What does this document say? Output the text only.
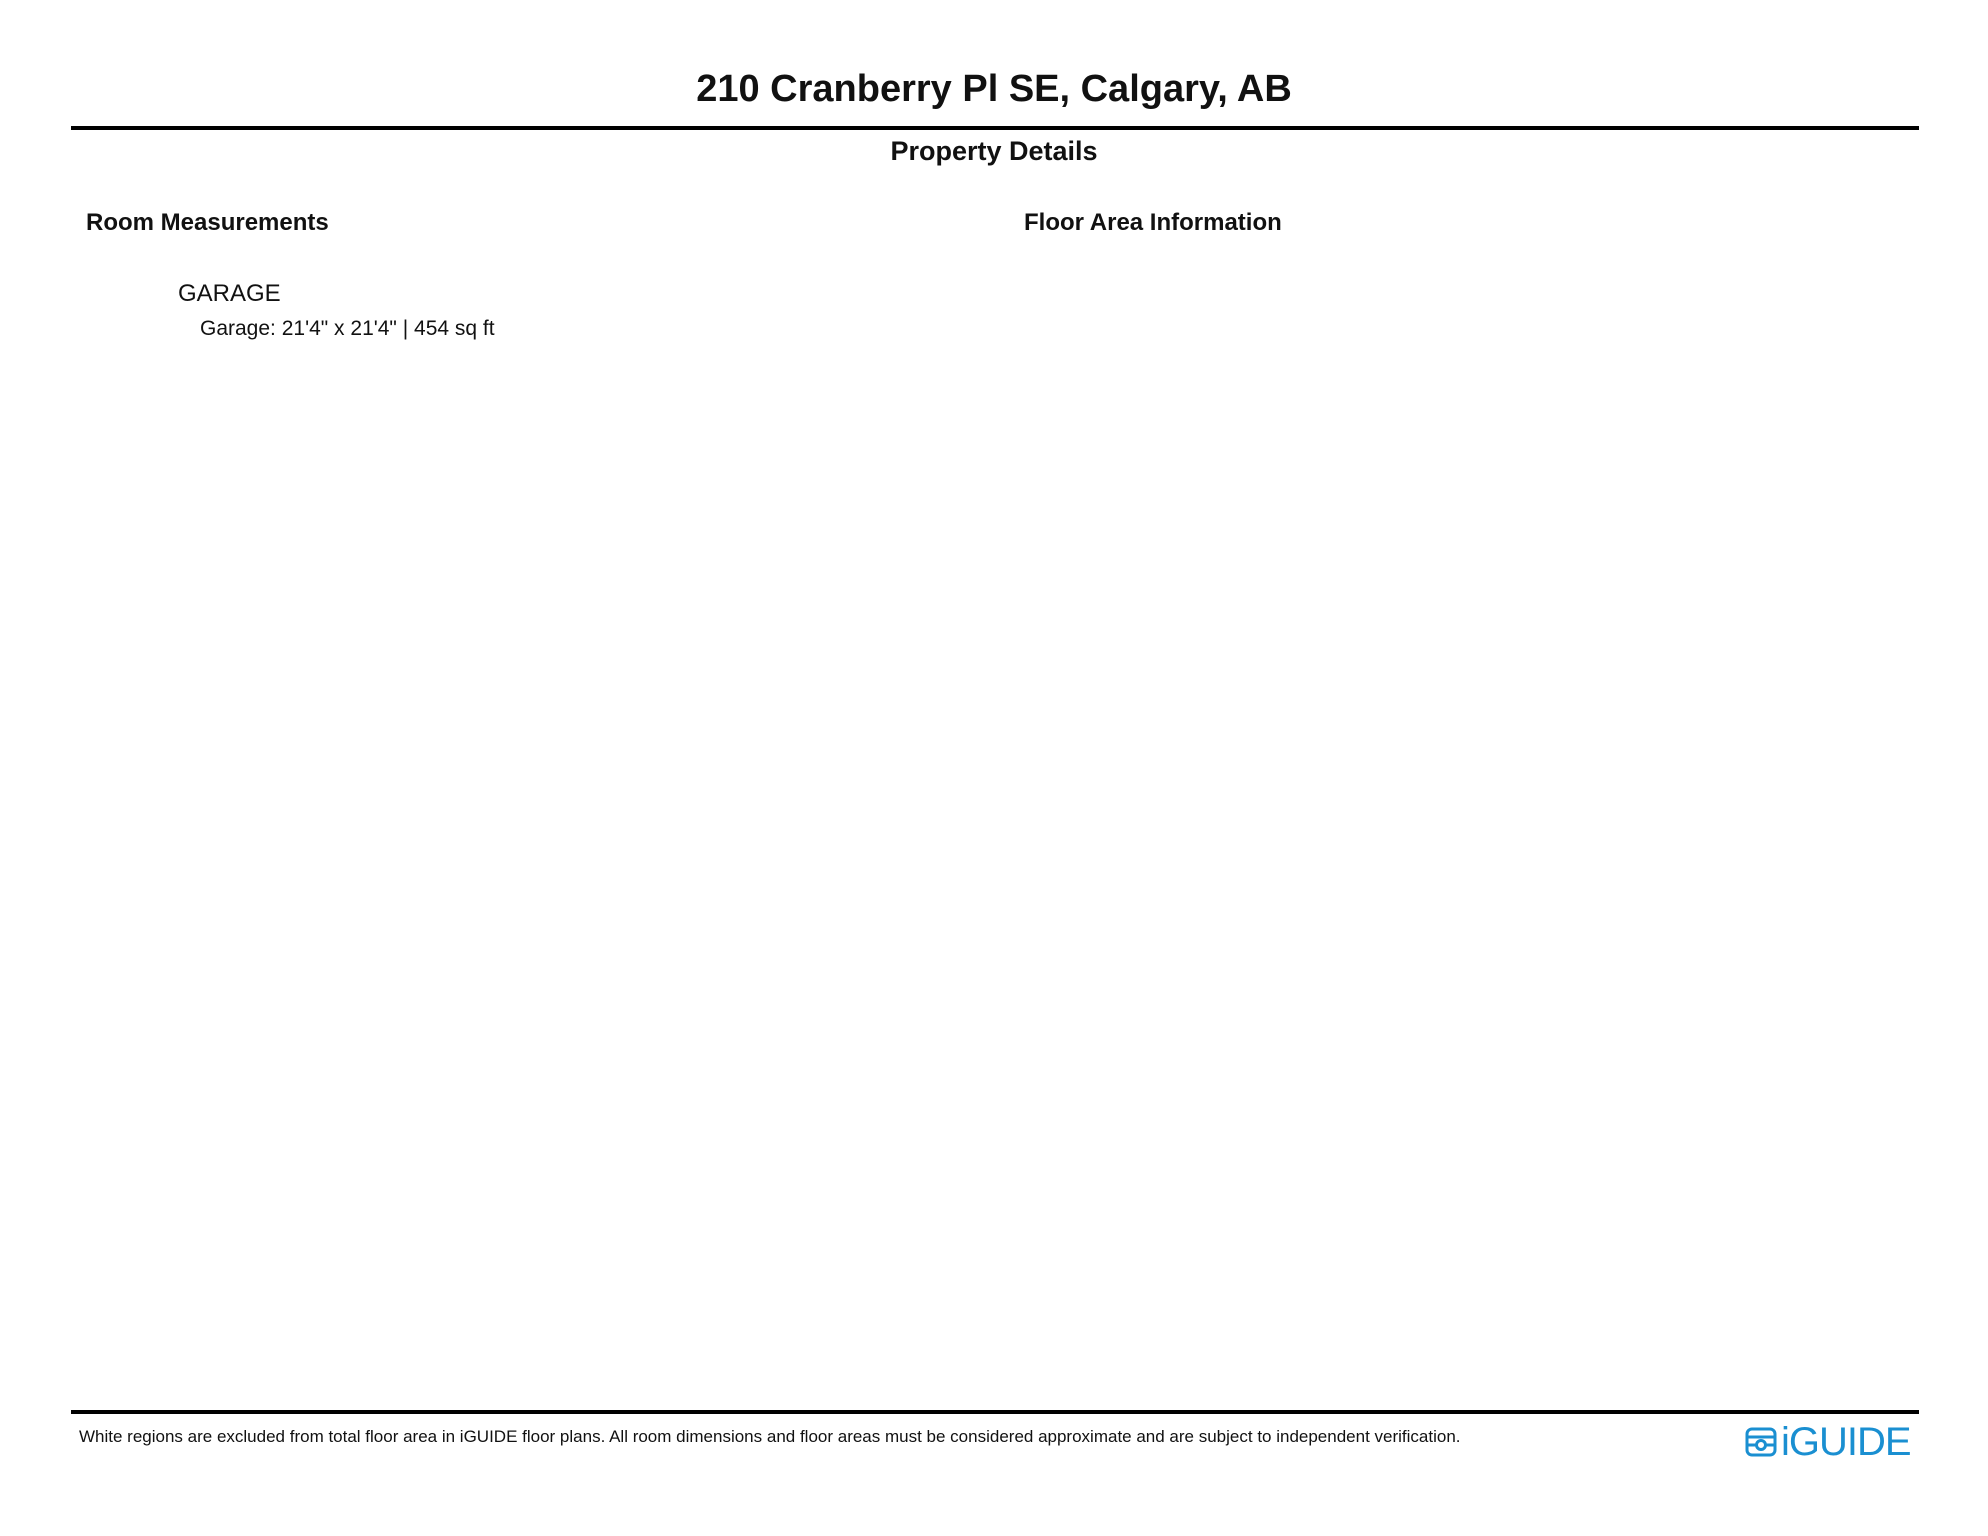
210 Cranberry Pl SE, Calgary, AB
Property Details
Room Measurements	Floor Area Information

GARAGE

Garage: 21'4" x 21'4" | 454 sq ft

White regions are excluded from total floor area in iGUIDE floor plans. All room dimensions and floor areas must be considered approximate and are subject to independent verification.	iGUIDE
